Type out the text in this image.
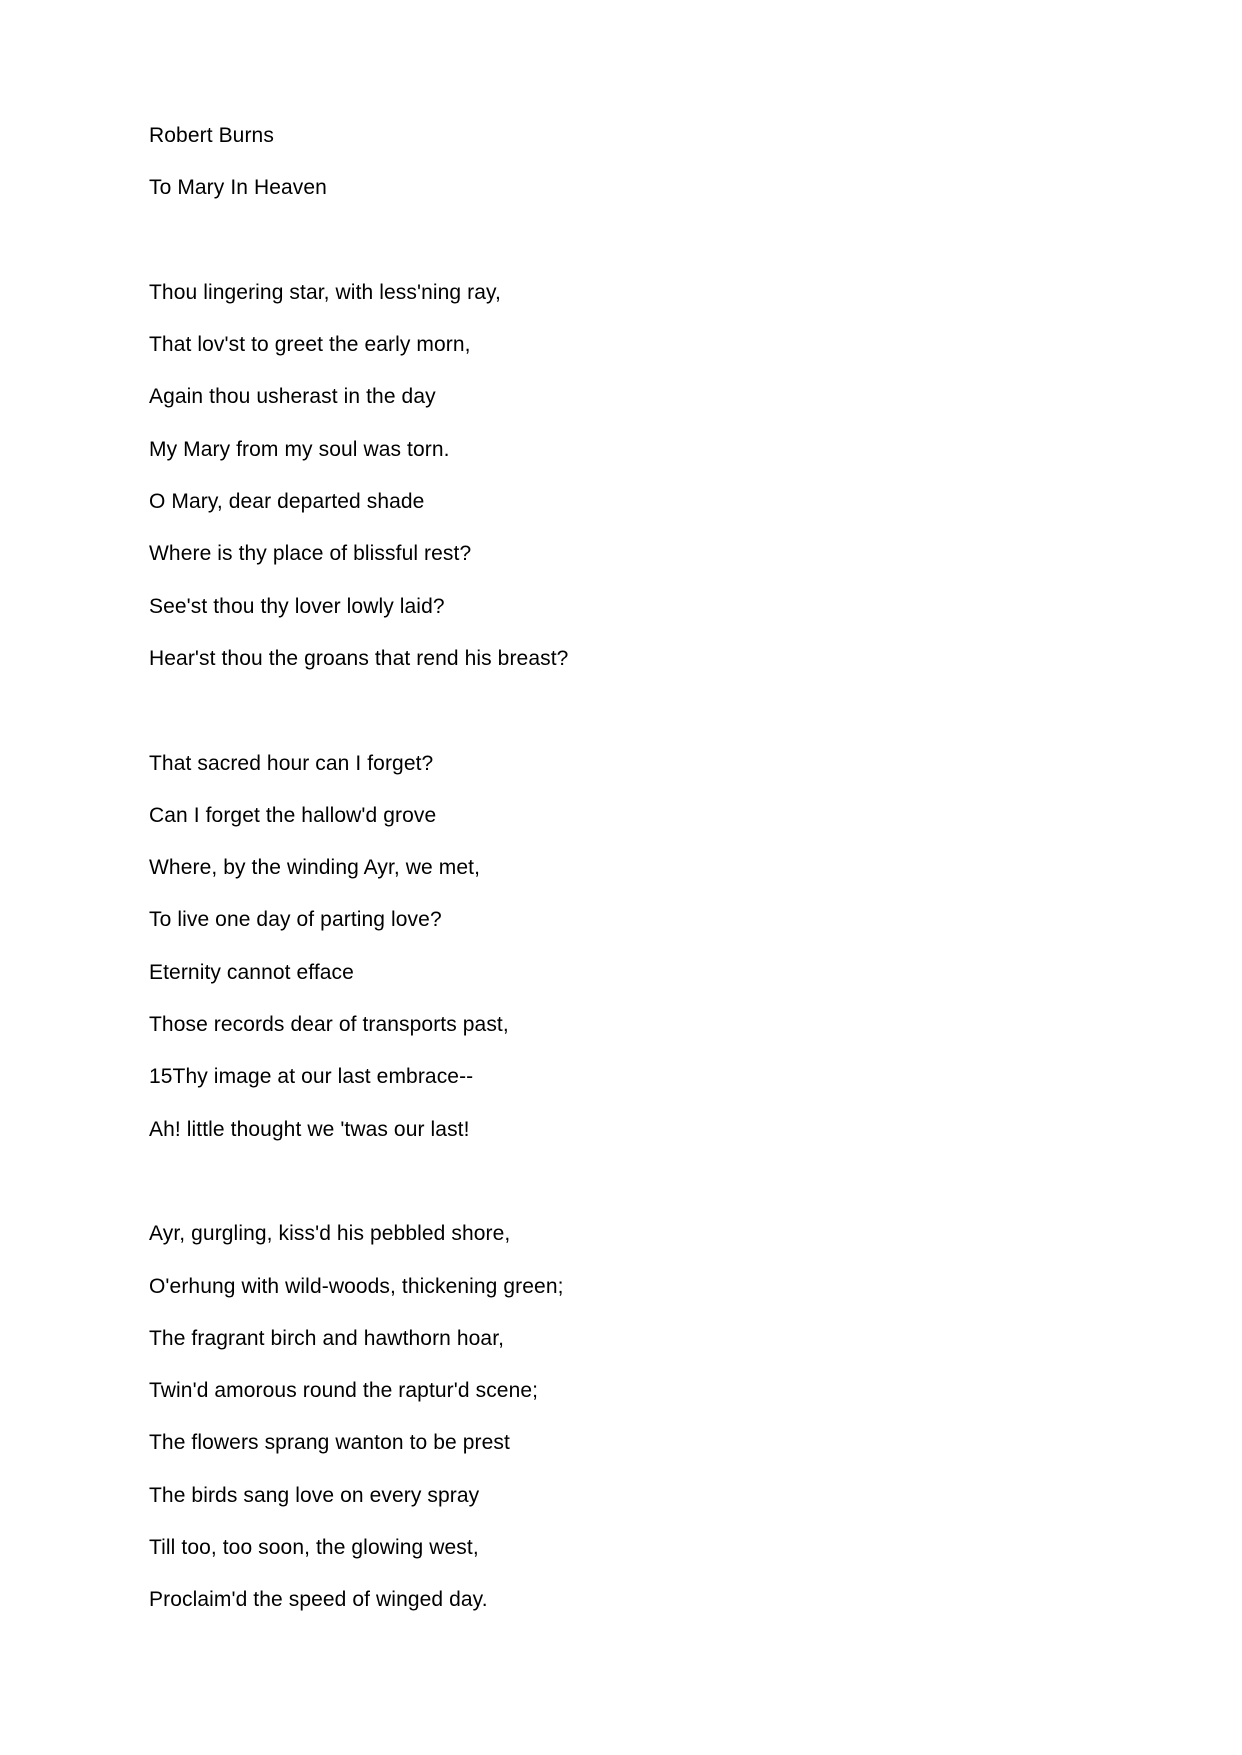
Robert Burns
To Mary In Heaven
Thou lingering star, with less'ning ray,
That lov'st to greet the early morn,
Again thou usherast in the day
My Mary from my soul was torn.
O Mary, dear departed shade
Where is thy place of blissful rest?
See'st thou thy lover lowly laid?
Hear'st thou the groans that rend his breast?
That sacred hour can I forget?
Can I forget the hallow'd grove
Where, by the winding Ayr, we met,
To live one day of parting love?
Eternity cannot efface
Those records dear of transports past,
15Thy image at our last embrace--
Ah! little thought we 'twas our last!
Ayr, gurgling, kiss'd his pebbled shore,
O'erhung with wild-woods, thickening green;
The fragrant birch and hawthorn hoar,
Twin'd amorous round the raptur'd scene;
The flowers sprang wanton to be prest
The birds sang love on every spray
Till too, too soon, the glowing west,
Proclaim'd the speed of winged day.
